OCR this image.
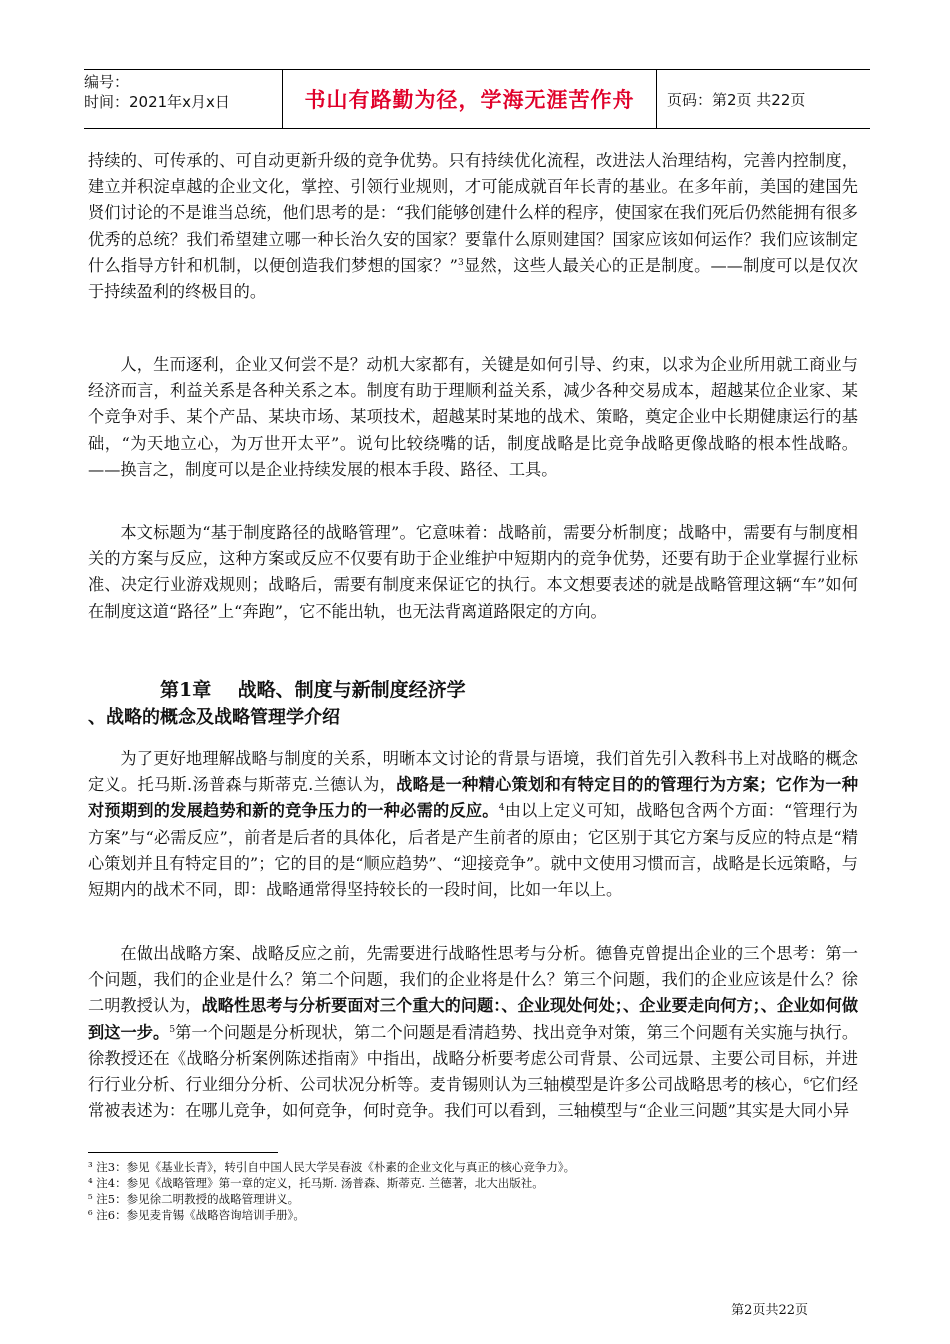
编号：
时间：2021年x月x日	书山有路勤为径，学海无涯苦作舟	页码：第2页 共22页

持续的、可传承的、可自动更新升级的竞争优势。只有持续优化流程，改进法人治理结构，完善内控制度，建立并积淀卓越的企业文化，掌控、引领行业规则，才可能成就百年长青的基业。在多年前，美国的建国先贤们讨论的不是谁当总统，他们思考的是：“我们能够创建什么样的程序，使国家在我们死后仍然能拥有很多优秀的总统？我们希望建立哪一种长治久安的国家？要靠什么原则建国？国家应该如何运作？我们应该制定什么指导方针和机制，以便创造我们梦想的国家？”$^3$显然，这些人最关心的正是制度。——制度可以是仅次于持续盈利的终极目的。

人，生而逐利，企业又何尝不是？动机大家都有，关键是如何引导、约束，以求为企业所用就工商业与经济而言，利益关系是各种关系之本。制度有助于理顺利益关系，减少各种交易成本，超越某位企业家、某个竞争对手、某个产品、某块市场、某项技术，超越某时某地的战术、策略，奠定企业中长期健康运行的基础，“为天地立心，为万世开太平”。说句比较绕嘴的话，制度战略是比竞争战略更像战略的根本性战略。——换言之，制度可以是企业持续发展的根本手段、路径、工具。

本文标题为“基于制度路径的战略管理”。它意味着：战略前，需要分析制度；战略中，需要有与制度相关的方案与反应，这种方案或反应不仅要有助于企业维护中短期内的竞争优势，还要有助于企业掌握行业标准、决定行业游戏规则；战略后，需要有制度来保证它的执行。本文想要表述的就是战略管理这辆“车”如何在制度这道“路径”上“奔跑”，它不能出轨，也无法背离道路限定的方向。

第1章    战略、制度与新制度经济学
、战略的概念及战略管理学介绍

为了更好地理解战略与制度的关系，明晰本文讨论的背景与语境，我们首先引入教科书上对战略的概念定义。托马斯.汤普森与斯蒂克.兰德认为，战略是一种精心策划和有特定目的的管理行为方案；它作为一种对预期到的发展趋势和新的竞争压力的一种必需的反应。$^4$由以上定义可知，战略包含两个方面：“管理行为方案”与“必需反应”，前者是后者的具体化，后者是产生前者的原由；它区别于其它方案与反应的特点是“精心策划并且有特定目的”；它的目的是“顺应趋势”、“迎接竞争”。就中文使用习惯而言，战略是长远策略，与短期内的战术不同，即：战略通常得坚持较长的一段时间，比如一年以上。

在做出战略方案、战略反应之前，先需要进行战略性思考与分析。德鲁克曾提出企业的三个思考：第一个问题，我们的企业是什么？第二个问题，我们的企业将是什么？第三个问题，我们的企业应该是什么？徐二明教授认为，战略性思考与分析要面对三个重大的问题：、企业现处何处；、企业要走向何方；、企业如何做到这一步。$^5$第一个问题是分析现状，第二个问题是看清趋势、找出竞争对策，第三个问题有关实施与执行。徐教授还在《战略分析案例陈述指南》中指出，战略分析要考虑公司背景、公司远景、主要公司目标，并进行行业分析、行业细分分析、公司状况分析等。麦肯锡则认为三轴模型是许多公司战略思考的核心，$^6$它们经常被表述为：在哪儿竞争，如何竞争，何时竞争。我们可以看到，三轴模型与“企业三问题”其实是大同小异

³ 注3：参见《基业长青》，转引自中国人民大学吴春波《朴素的企业文化与真正的核心竞争力》。
⁴ 注4：参见《战略管理》第一章的定义，托马斯. 汤普森、斯蒂克. 兰德著，北大出版社。
⁵ 注5：参见徐二明教授的战略管理讲义。
⁶ 注6：参见麦肯锡《战略咨询培训手册》。
第2页共22页
